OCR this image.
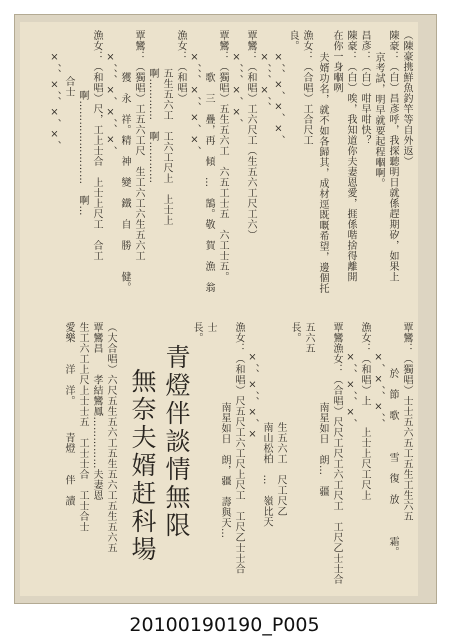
（陳豪携鮮魚釣竿等自外返）
陳豪：（白）昌彥呼，我探聽明日就係趕期矽，如果上
京考試，明早就要起程嗰啊。
昌彥：（白）咁早咁快？
陳豪：（白）唉，我知道你夫妻恩愛，捱係喈捨得離開
在你一身嗰咧
夫婿功名，就不如各歸其，成材逕既嘅希望，邊個托
漁女：（合唱）工合尺工
良。
×、、×、×、×、
×、、、×、、
覃鸞：（和唱）工六尺工（生五六工尺工六）
×、、、×、×、
覃鸞：（獨唱）五生五六工　六五工士五　六工士五。
歌　三　疊，再　傾　…　鵠。敬　賀　漁　翁
×、、、×、、×、×、
漁女：（和唱）
五生五六工　工六工尺上　上士上
啊…………　啊…………
覃鸞：（獨唱）工五六工尺　生工六工六生五六工
獲　永　祥。精　神　變　鐵　自　勝　　健。
×、、、×、×、、×、
漁女：（和唱）尺，工上士合　上士上尺工　合工
啊……………………　啊…
合士
×、、×、、×、×、
覃鸞：（獨唱）士士五六五工五生工生六五
於　節　歌　　　雪　復　放　　　霜。
×、×、、×、、
漁女：（和唱）上　　上士上尺工尺上
×、、×、、×、
覃鸞漁女：（合唱）尺尺工尺工六工尺工　工尺乙士士合
南星如日　朗…　疆
五六五
長。
生五六工　尺工尺乙
南山松柏　…　嶺比天
×、、×、、×、×
漁女：（和唱）尺五尺工六工尺上尺工　工尺乙士士合
南星如日　朗，疆　壽與天…
士
長。
青燈伴談情無限
無奈夫婿赶科場
（大合唱）六尺五生五六工五生五六工五生五六五
覃鸞昌　　孝結鸞鳳……………夫妻恩
生工六工上尺上士士五　工士士合　工士合士
愛樂　　洋　洋。　　　青燈　　伴　讀
20100190190_P005
